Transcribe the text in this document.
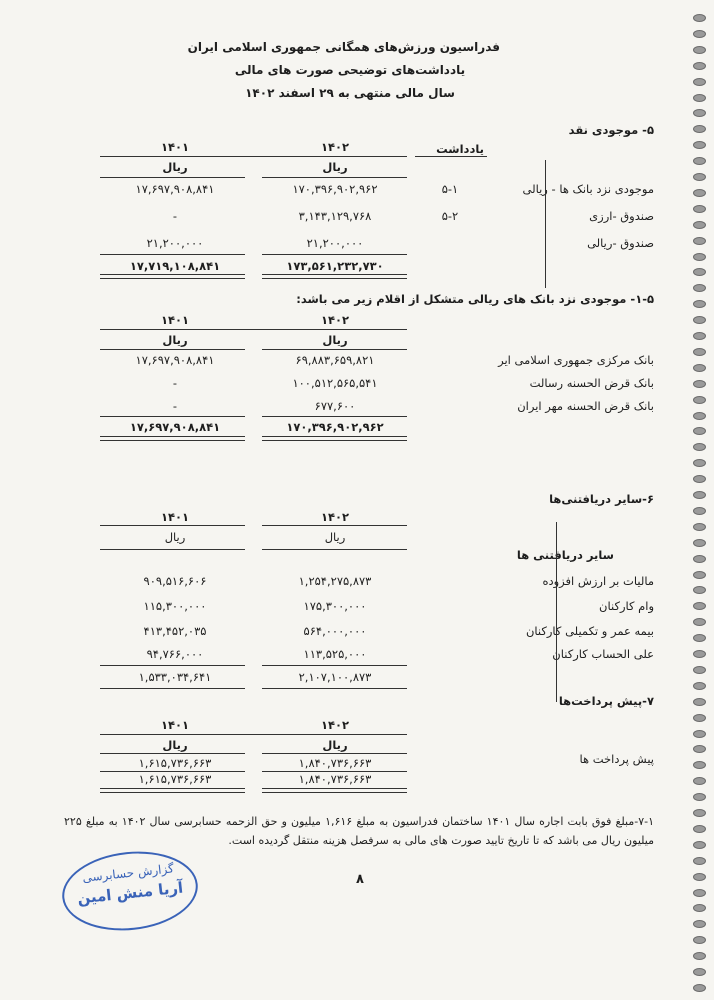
فدراسیون ورزش‌های همگانی جمهوری اسلامی ایران
یادداشت‌های توضیحی صورت های مالی
سال مالی منتهی به ۲۹ اسفند ۱۴۰۲
۵- موجودی نقد
یادداشت
۱۴۰۲
۱۴۰۱
ریال
ریال
موجودی نزد بانک ها - ریالی
۵-۱
۱۷۰,۳۹۶,۹۰۲,۹۶۲
۱۷,۶۹۷,۹۰۸,۸۴۱
صندوق -ارزی
۵-۲
۳,۱۴۳,۱۲۹,۷۶۸
-
صندوق -ریالی
۲۱,۲۰۰,۰۰۰
۲۱,۲۰۰,۰۰۰
۱۷۳,۵۶۱,۲۳۲,۷۳۰
۱۷,۷۱۹,۱۰۸,۸۴۱
۱-۵- موجودی نزد بانک های ریالی متشکل از اقلام زیر می باشد:
۱۴۰۲
۱۴۰۱
ریال
ریال
بانک مرکزی جمهوری اسلامی ایر
۶۹,۸۸۳,۶۵۹,۸۲۱
۱۷,۶۹۷,۹۰۸,۸۴۱
بانک قرض الحسنه رسالت
۱۰۰,۵۱۲,۵۶۵,۵۴۱
-
بانک قرض الحسنه مهر ایران
۶۷۷,۶۰۰
-
۱۷۰,۳۹۶,۹۰۲,۹۶۲
۱۷,۶۹۷,۹۰۸,۸۴۱
۶-سایر دریافتنی‌ها
۱۴۰۲
۱۴۰۱
ریال
ریال
سایر دریافتنی ها
مالیات بر ارزش افزوده
۱,۲۵۴,۲۷۵,۸۷۳
۹۰۹,۵۱۶,۶۰۶
وام کارکنان
۱۷۵,۳۰۰,۰۰۰
۱۱۵,۳۰۰,۰۰۰
بیمه عمر و تکمیلی کارکنان
۵۶۴,۰۰۰,۰۰۰
۴۱۳,۴۵۲,۰۳۵
علی الحساب کارکنان
۱۱۳,۵۲۵,۰۰۰
۹۴,۷۶۶,۰۰۰
۲,۱۰۷,۱۰۰,۸۷۳
۱,۵۳۳,۰۳۴,۶۴۱
۷-پیش پرداخت‌ها
۱۴۰۲
۱۴۰۱
ریال
ریال
پیش پرداخت ها
۱,۸۴۰,۷۳۶,۶۶۳
۱,۶۱۵,۷۳۶,۶۶۳
۱,۸۴۰,۷۳۶,۶۶۳
۱,۶۱۵,۷۳۶,۶۶۳
۷-۱-مبلغ فوق بابت اجاره سال ۱۴۰۱ ساختمان فدراسیون به مبلغ ۱,۶۱۶ میلیون و حق الزحمه حسابرسی سال ۱۴۰۲ به مبلغ ۲۲۵ میلیون ریال می باشد که تا تاریخ تایید صورت های مالی به سرفصل هزینه منتقل گردیده است.
۸
گزارش حسابرسی
آریا منش امین
